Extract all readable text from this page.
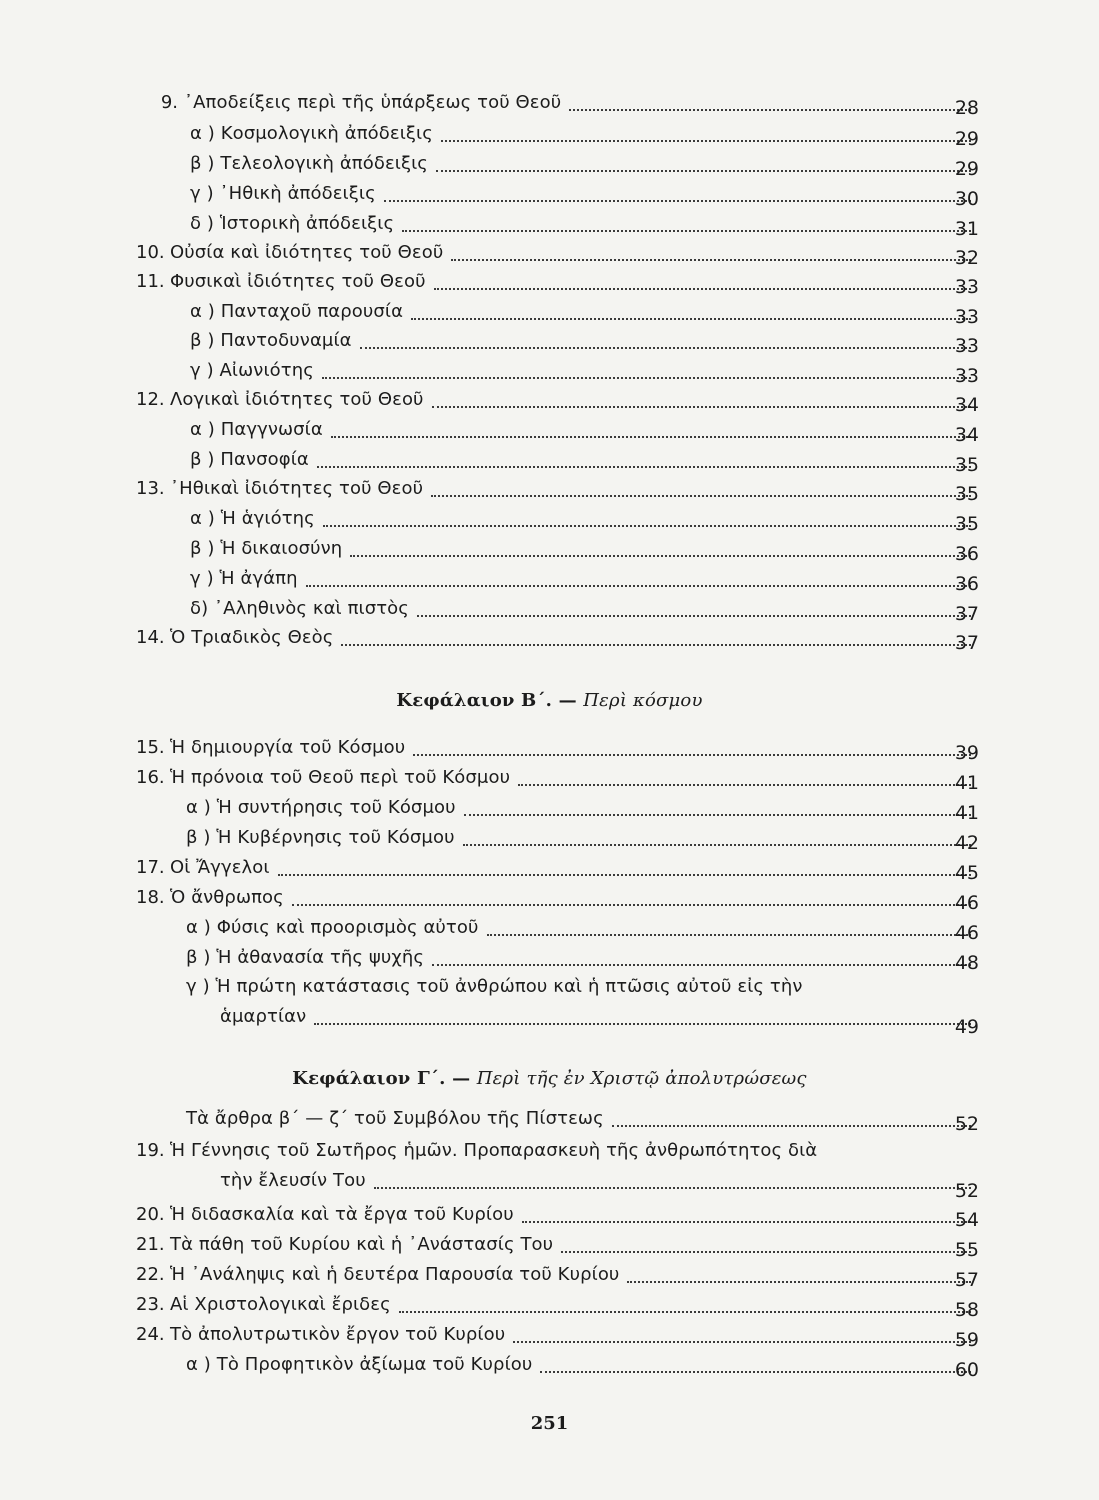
9. ᾿Αποδείξεις περὶ τῆς ὑπάρξεως τοῦ Θεοῦ	28
α ) Κοσμολογικὴ ἀπόδειξις	29
β ) Τελεολογικὴ ἀπόδειξις	29
γ ) ᾿Ηθικὴ ἀπόδειξις	30
δ ) Ἱστορικὴ ἀπόδειξις	31
10. Οὐσία καὶ ἰδιότητες τοῦ Θεοῦ	32
11. Φυσικαὶ ἰδιότητες τοῦ Θεοῦ	33
α ) Πανταχοῦ παρουσία	33
β ) Παντοδυναμία	33
γ ) Αἰωνιότης	33
12. Λογικαὶ ἰδιότητες τοῦ Θεοῦ	34
α ) Παγγνωσία	34
β ) Πανσοφία	35
13. ᾿Ηθικαὶ ἰδιότητες τοῦ Θεοῦ	35
α ) Ἡ ἁγιότης	35
β ) Ἡ δικαιοσύνη	36
γ ) Ἡ ἀγάπη	36
δ) ᾿Αληθινὸς καὶ πιστὸς	37
14. Ὁ Τριαδικὸς Θεὸς	37
Κεφάλαιον Β΄. — Περὶ κόσμου
15. Ἡ δημιουργία τοῦ Κόσμου	39
16. Ἡ πρόνοια τοῦ Θεοῦ περὶ τοῦ Κόσμου	41
α ) Ἡ συντήρησις τοῦ Κόσμου	41
β ) Ἡ Κυβέρνησις τοῦ Κόσμου	42
17. Οἱ Ἄγγελοι	45
18. Ὁ ἄνθρωπος	46
α ) Φύσις καὶ προορισμὸς αὐτοῦ	46
β ) Ἡ ἀθανασία τῆς ψυχῆς	48
γ ) Ἡ πρώτη κατάστασις τοῦ ἀνθρώπου καὶ ἡ πτῶσις αὐτοῦ εἰς τὴν
ἁμαρτίαν	49
Κεφάλαιον Γ΄. — Περὶ τῆς ἐν Χριστῷ ἀπολυτρώσεως
Τὰ ἄρθρα β΄ — ζ΄ τοῦ Συμβόλου τῆς Πίστεως	52
19. Ἡ Γέννησις τοῦ Σωτῆρος ἡμῶν. Προπαρασκευὴ τῆς ἀνθρωπότητος διὰ
τὴν ἔλευσίν Του	52
20. Ἡ διδασκαλία καὶ τὰ ἔργα τοῦ Κυρίου	54
21. Τὰ πάθη τοῦ Κυρίου καὶ ἡ ᾿Ανάστασίς Του	55
22. Ἡ ᾿Ανάληψις καὶ ἡ δευτέρα Παρουσία τοῦ Κυρίου	57
23. Αἱ Χριστολογικαὶ ἔριδες	58
24. Τὸ ἀπολυτρωτικὸν ἔργον τοῦ Κυρίου	59
α ) Τὸ Προφητικὸν ἀξίωμα τοῦ Κυρίου	60
251
